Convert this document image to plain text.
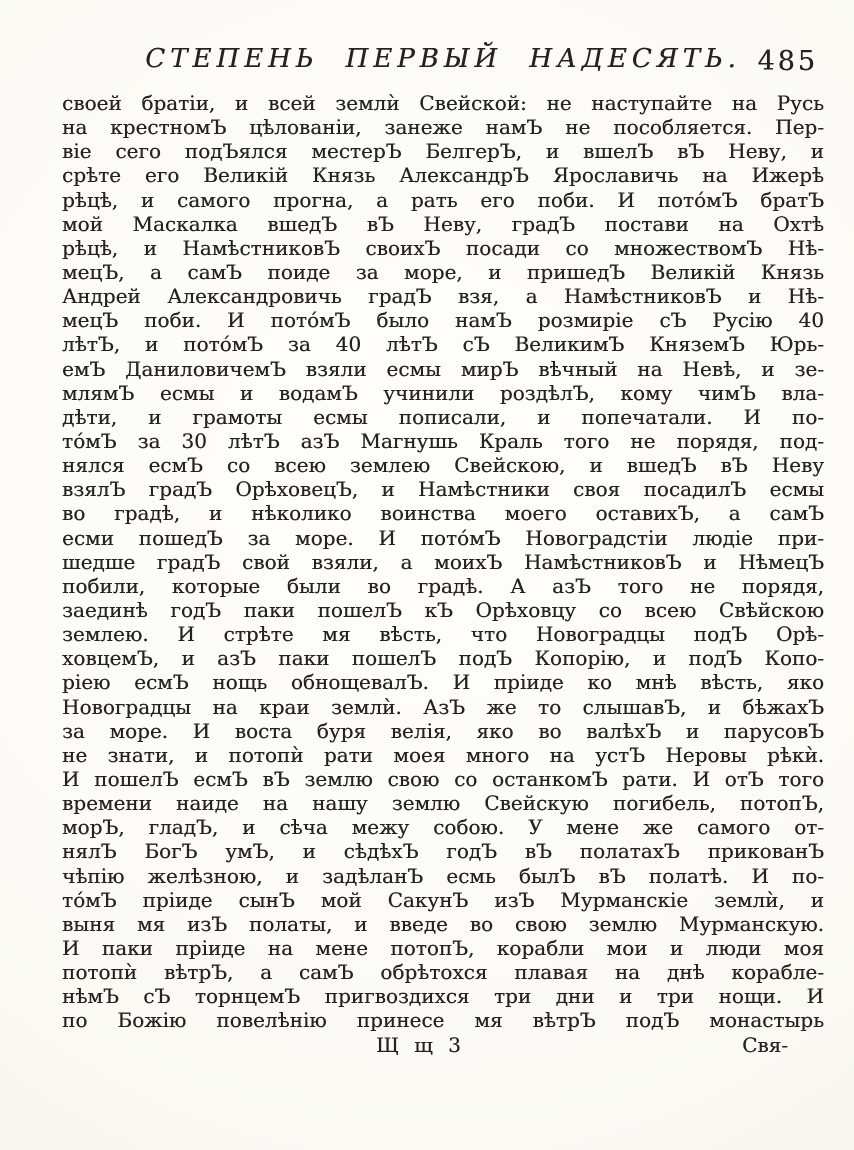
СТЕПЕНЬ ПЕРВЫЙ НАДЕСЯТЬ. 485
своей братіи, и всей землѝ Свейской: не наступайте на Русь
на крестномЪ цѣлованіи, занеже намЪ не пособляется. Пер-
віе сего подЪялся местерЪ БелгерЪ, и вшелЪ вЪ Неву, и
срѣте его Великій Князь АлександрЪ Ярославичь на Ижерѣ
рѣцѣ, и самого прогна, а рать его поби. И пото́мЪ братЪ
мой Маскалка вшедЪ вЪ Неву, градЪ постави на Охтѣ
рѣцѣ, и НамѣстниковЪ своихЪ посади со множествомЪ Нѣ-
мецЪ, а самЪ поиде за море, и пришедЪ Великій Князь
Андрей Александровичь градЪ взя, а НамѣстниковЪ и Нѣ-
мецЪ поби. И пото́мЪ было намЪ розмиріе сЪ Русію 40
лѣтЪ, и пото́мЪ за 40 лѣтЪ сЪ ВеликимЪ КняземЪ Юрь-
емЪ ДаниловичемЪ взяли есмы мирЪ вѣчный на Невѣ, и зе-
млямЪ есмы и водамЪ учинили роздѣлЪ, кому чимЪ вла-
дѣти, и грамоты есмы пописали, и попечатали. И по-
то́мЪ за 30 лѣтЪ азЪ Магнушь Краль того не порядя, под-
нялся есмЪ со всею землею Свейскою, и вшедЪ вЪ Неву
взялЪ градЪ ОрѣховецЪ, и Намѣстники своя посадилЪ есмы
во градѣ, и нѣколико воинства моего оставихЪ, а самЪ
есми пошедЪ за море. И пото́мЪ Новоградстіи людіе при-
шедше градЪ свой взяли, а моихЪ НамѣстниковЪ и НѣмецЪ
побили, которые были во градѣ. А азЪ того не порядя,
заединѣ годЪ паки пошелЪ кЪ Орѣховцу со всею Свѣйскою
землею. И стрѣте мя вѣсть, что Новоградцы подЪ Орѣ-
ховцемЪ, и азЪ паки пошелЪ подЪ Копорію, и подЪ Копо-
ріею есмЪ нощь обнощевалЪ. И пріиде ко мнѣ вѣсть, яко
Новоградцы на краи землѝ. АзЪ же то слышавЪ, и бѣжахЪ
за море. И воста буря велія, яко во валѣхЪ и парусовЪ
не знати, и потопѝ рати моея много на устЪ Неровы рѣкѝ.
И пошелЪ есмЪ вЪ землю свою со останкомЪ рати. И отЪ того
времени наиде на нашу землю Свейскую погибель, потопЪ,
морЪ, гладЪ, и сѣча межу собою. У мене же самого от-
нялЪ БогЪ умЪ, и сѣдѣхЪ годЪ вЪ полатахЪ прикованЪ
чѣпію желѣзною, и задѣланЪ есмь былЪ вЪ полатѣ. И по-
то́мЪ пріиде сынЪ мой СакунЪ изЪ Мурманскіе землѝ, и
выня мя изЪ полаты, и введе во свою землю Мурманскую.
И паки пріиде на мене потопЪ, корабли мои и люди моя
потопѝ вѣтрЪ, а самЪ обрѣтохся плавая на днѣ корабле-
нѣмЪ сЪ торнцемЪ пригвоздихся три дни и три нощи. И
по Божію повелѣнію принесе мя вѣтрЪ подЪ монастырь
Щ щ 3	Свя-
